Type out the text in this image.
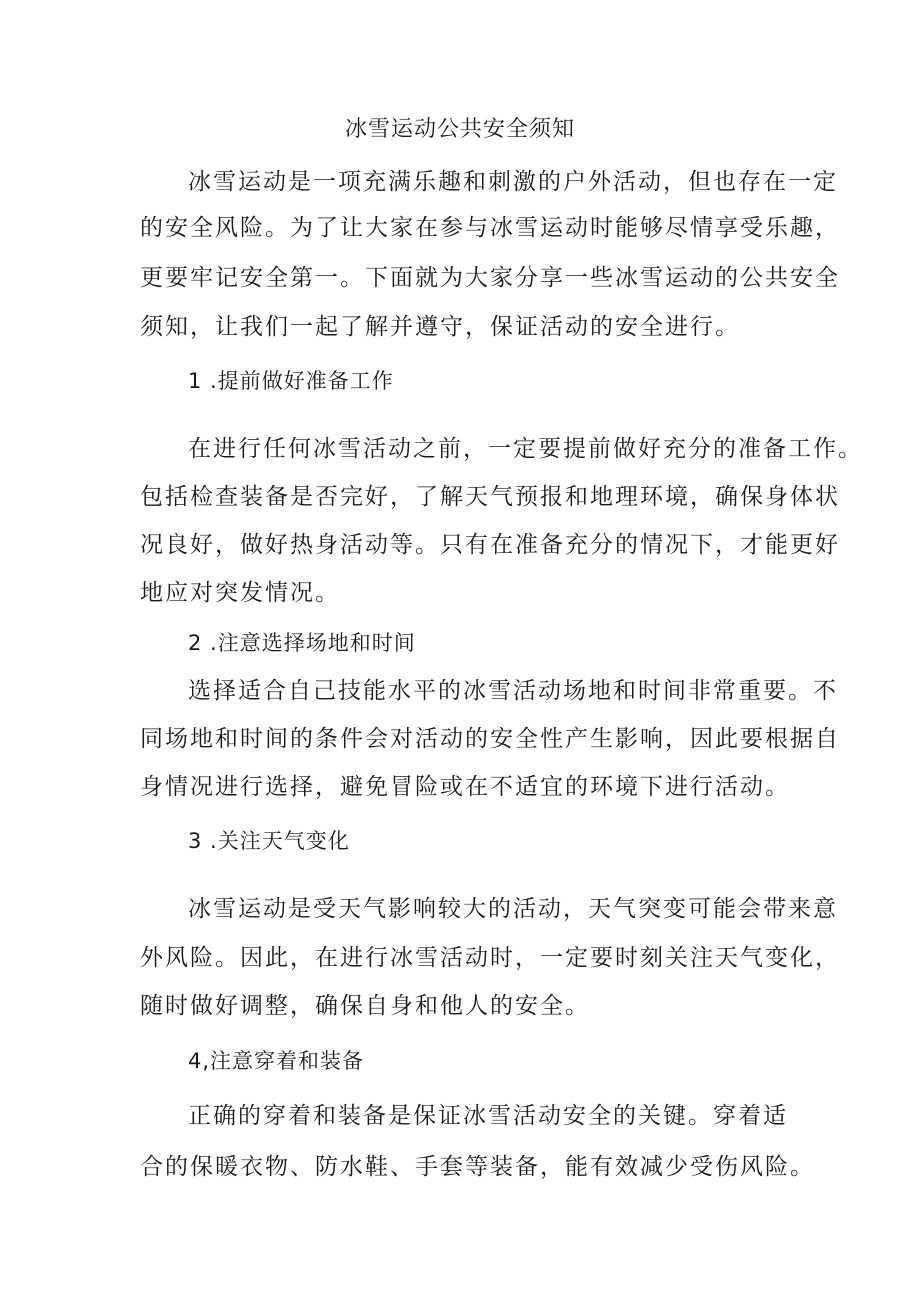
冰雪运动公共安全须知
冰雪运动是一项充满乐趣和刺激的户外活动，但也存在一定
的安全风险。为了让大家在参与冰雪运动时能够尽情享受乐趣，
更要牢记安全第一。下面就为大家分享一些冰雪运动的公共安全
须知，让我们一起了解并遵守，保证活动的安全进行。
1 .提前做好准备工作
在进行任何冰雪活动之前，一定要提前做好充分的准备工作。
包括检查装备是否完好，了解天气预报和地理环境，确保身体状
况良好，做好热身活动等。只有在准备充分的情况下，才能更好
地应对突发情况。
2 .注意选择场地和时间
选择适合自己技能水平的冰雪活动场地和时间非常重要。不
同场地和时间的条件会对活动的安全性产生影响，因此要根据自
身情况进行选择，避免冒险或在不适宜的环境下进行活动。
3 .关注天气变化
冰雪运动是受天气影响较大的活动，天气突变可能会带来意
外风险。因此，在进行冰雪活动时，一定要时刻关注天气变化，
随时做好调整，确保自身和他人的安全。
4,注意穿着和装备
正确的穿着和装备是保证冰雪活动安全的关键。穿着适
合的保暖衣物、防水鞋、手套等装备，能有效减少受伤风险。
